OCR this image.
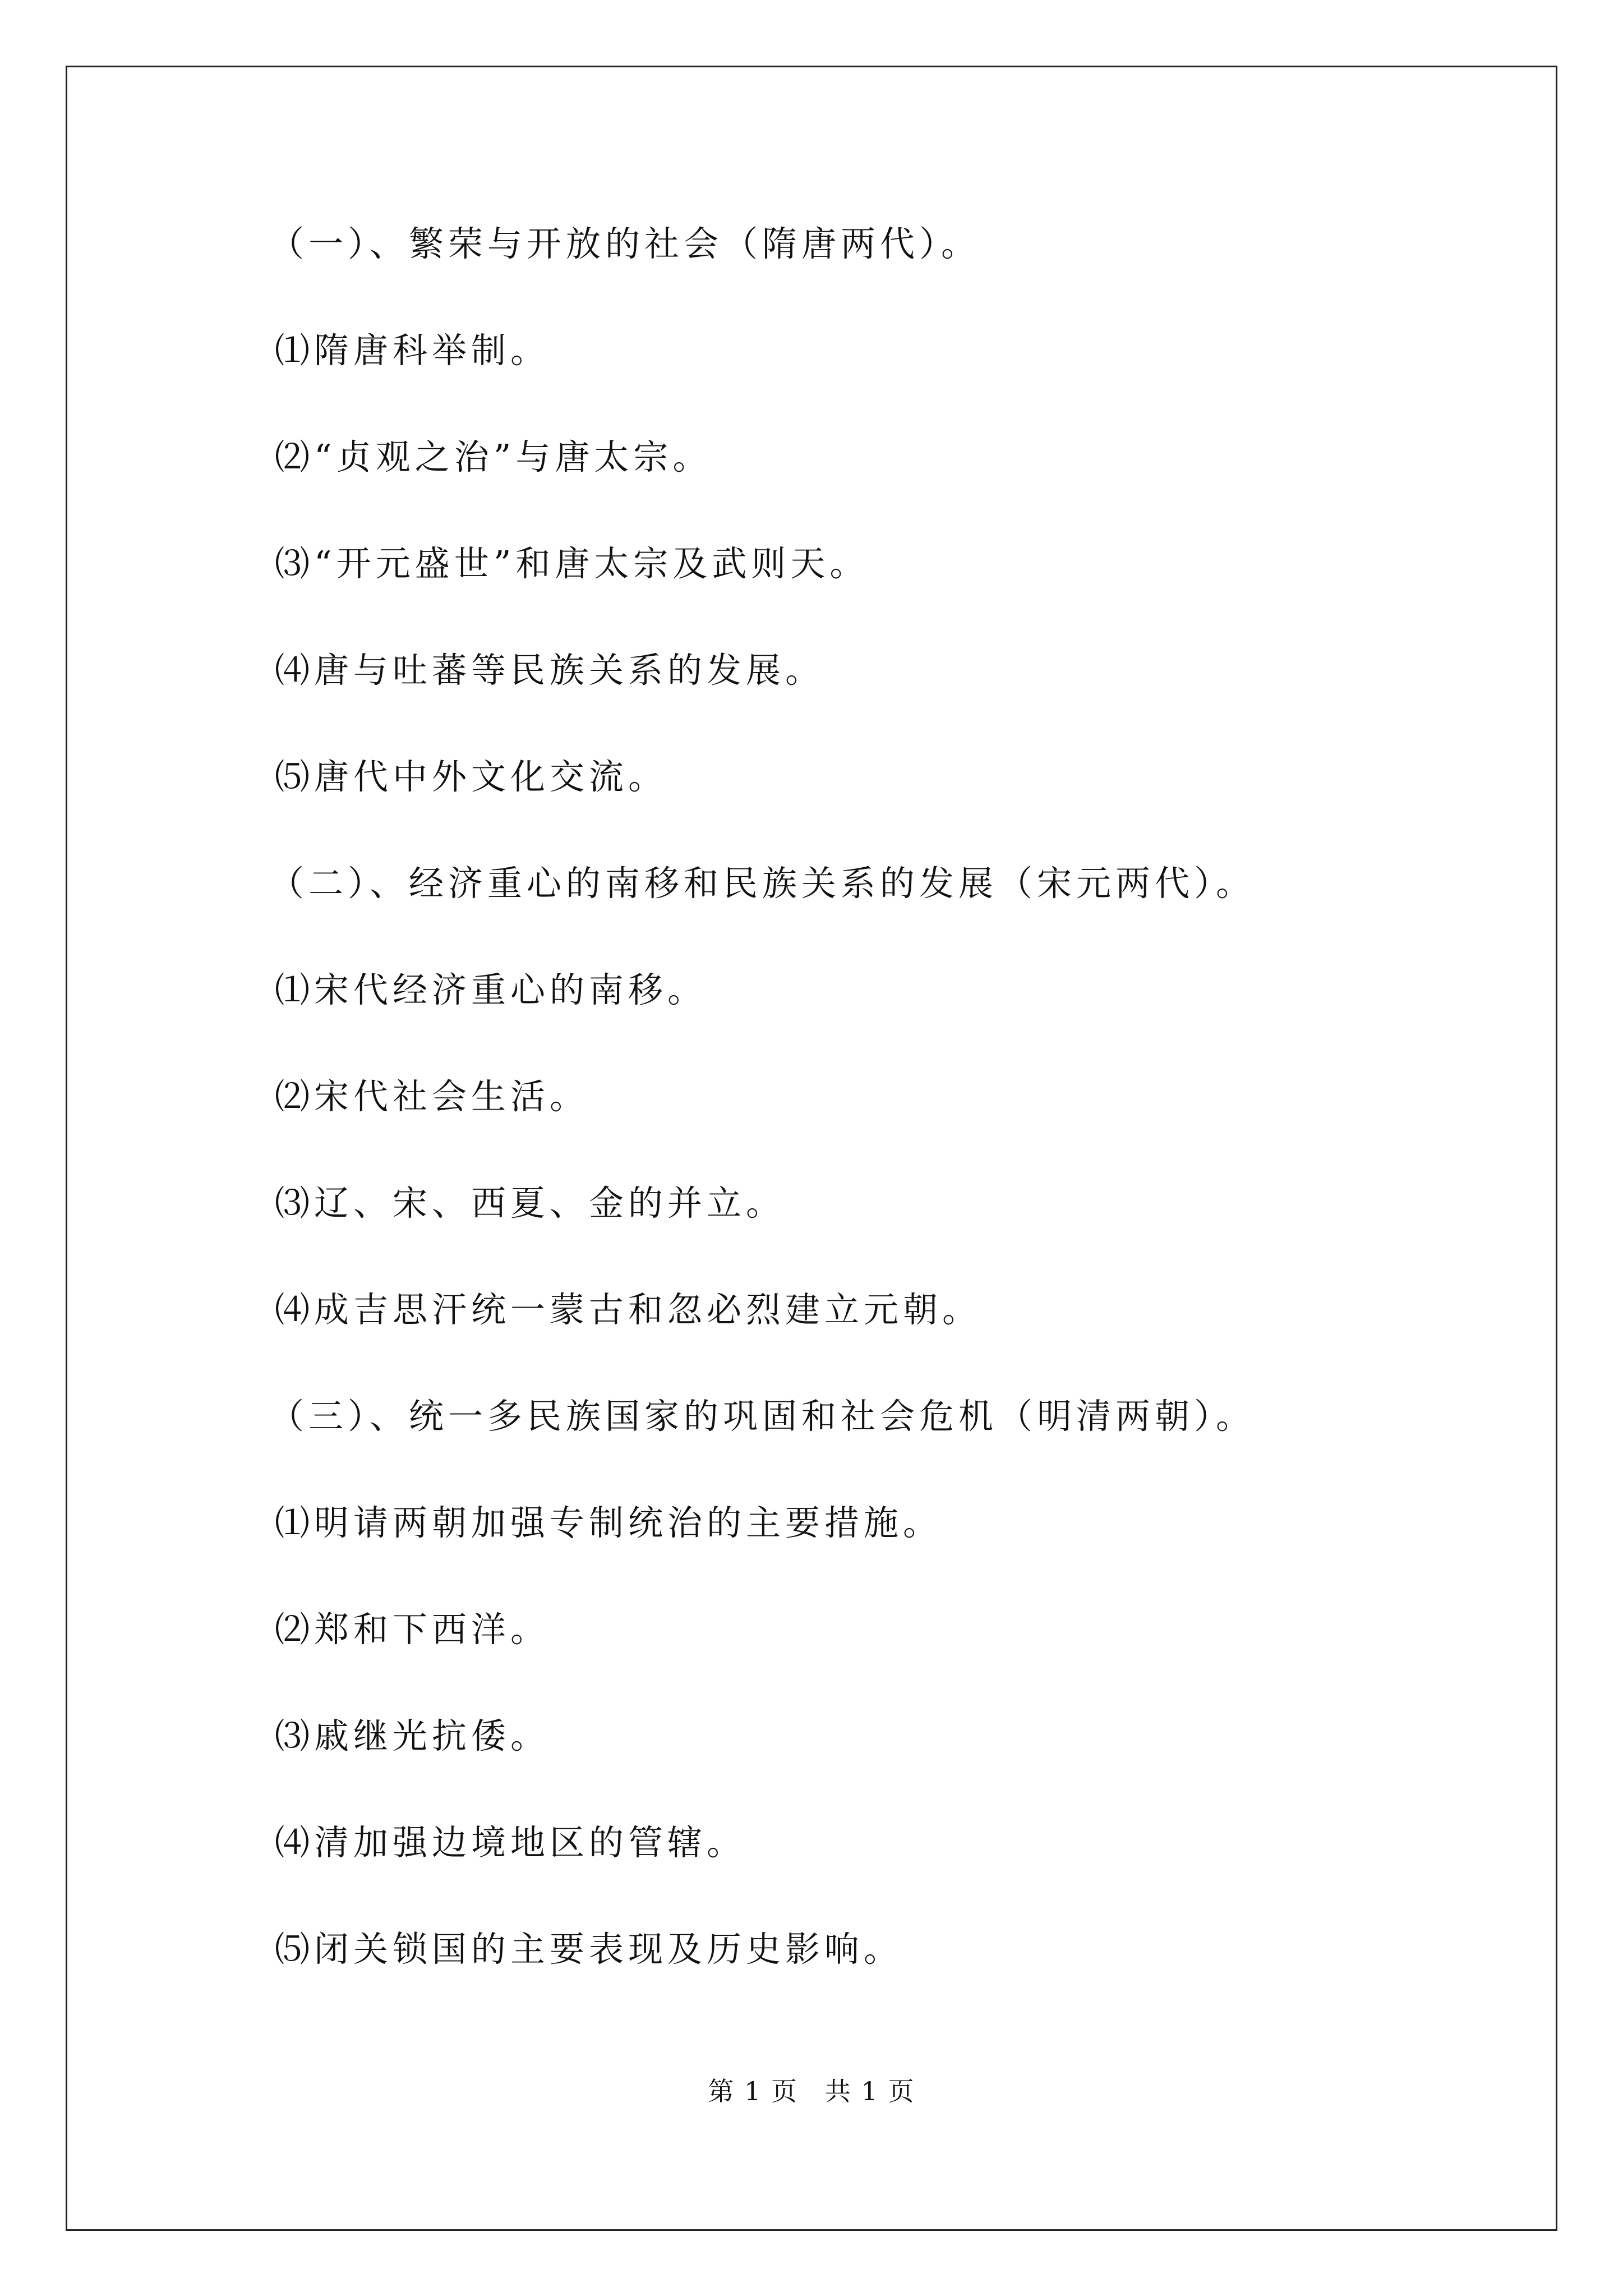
（一）、繁荣与开放的社会（隋唐两代）。
⑴隋唐科举制。
⑵“贞观之治”与唐太宗。
⑶“开元盛世”和唐太宗及武则天。
⑷唐与吐蕃等民族关系的发展。
⑸唐代中外文化交流。
（二）、经济重心的南移和民族关系的发展（宋元两代）。
⑴宋代经济重心的南移。
⑵宋代社会生活。
⑶辽、宋、西夏、金的并立。
⑷成吉思汗统一蒙古和忽必烈建立元朝。
（三）、统一多民族国家的巩固和社会危机（明清两朝）。
⑴明请两朝加强专制统治的主要措施。
⑵郑和下西洋。
⑶戚继光抗倭。
⑷清加强边境地区的管辖。
⑸闭关锁国的主要表现及历史影响。
第 1 页　共 1 页
